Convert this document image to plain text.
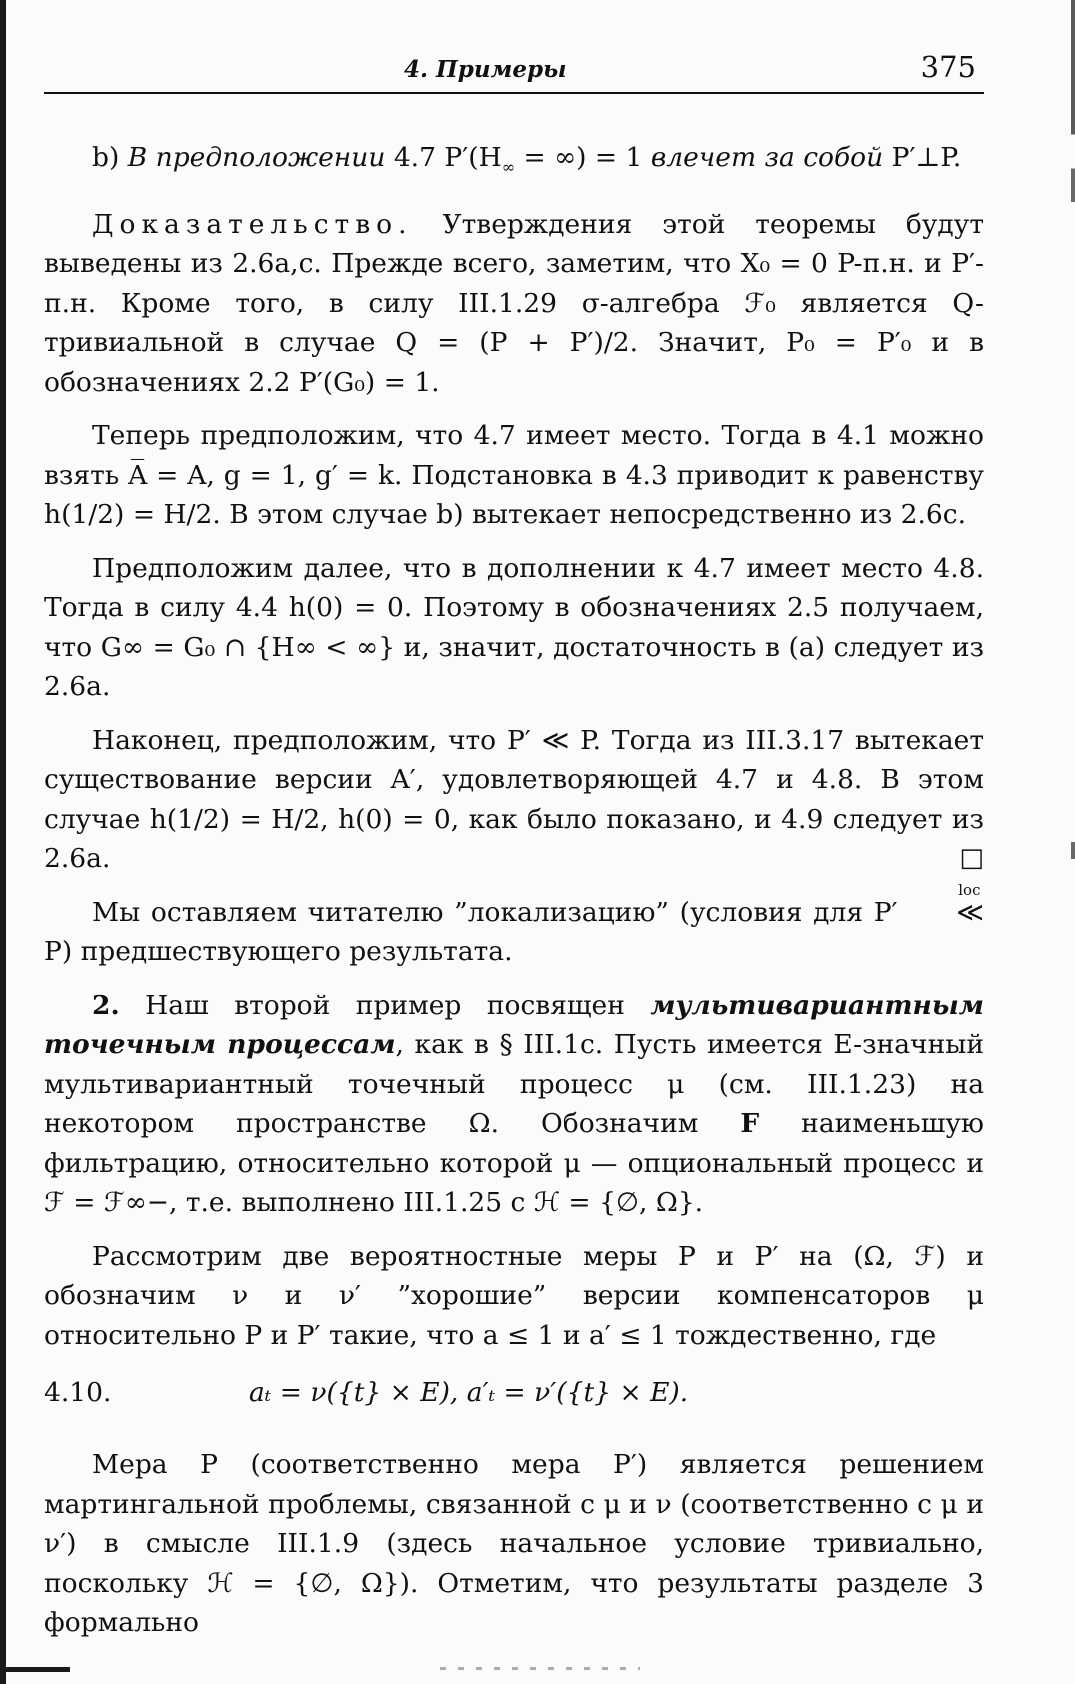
4. Примеры	375

b) В предположении 4.7 $P'(H_\infty$ = ∞) = 1 влечет за собой P′⊥P.

Доказательство. Утверждения этой теоремы будут выведены из 2.6a,c. Прежде всего, заметим, что X₀ = 0 P-п.н. и P′-п.н. Кроме того, в силу III.1.29 σ-алгебра ℱ₀ является Q-тривиальной в случае Q = (P + P′)/2. Значит, P₀ = P′₀ и в обозначениях 2.2 P′(G₀) = 1.

Теперь предположим, что 4.7 имеет место. Тогда в 4.1 можно взять A̅ = A, g = 1, g′ = k. Подстановка в 4.3 приводит к равенству h(1/2) = H/2. В этом случае b) вытекает непосредственно из 2.6c.

Предположим далее, что в дополнении к 4.7 имеет место 4.8. Тогда в силу 4.4 h(0) = 0. Поэтому в обозначениях 2.5 получаем, что G∞ = G₀ ∩ {H∞ < ∞} и, значит, достаточность в (a) следует из 2.6a.

Наконец, предположим, что P′ ≪ P. Тогда из III.3.17 вытекает существование версии A′, удовлетворяющей 4.7 и 4.8. В этом случае h(1/2) = H/2, h(0) = 0, как было показано, и 4.9 следует из 2.6a.	□

Мы оставляем читателю ”локализацию” (условия для P′
loc
≪ P) предшествующего результата.

2. Наш второй пример посвящен мультивариантным точечным процессам, как в § III.1c. Пусть имеется E-значный мультивариантный точечный процесс μ (см. III.1.23) на некотором пространстве Ω. Обозначим F наименьшую фильтрацию, относительно которой μ — опциональный процесс и ℱ = ℱ∞−, т.е. выполнено III.1.25 с ℋ = {∅, Ω}.

Рассмотрим две вероятностные меры P и P′ на (Ω, ℱ) и обозначим ν и ν′ ”хорошие” версии компенсаторов μ относительно P и P′ такие, что a ≤ 1 и a′ ≤ 1 тождественно, где

4.10.	aₜ = ν({t} × E), a′ₜ = ν′({t} × E).

Мера P (соответственно мера P′) является решением мартингальной проблемы, связанной с μ и ν (соответственно с μ и ν′) в смысле III.1.9 (здесь начальное условие тривиально, поскольку ℋ = {∅, Ω}). Отметим, что результаты разделе 3 формально
